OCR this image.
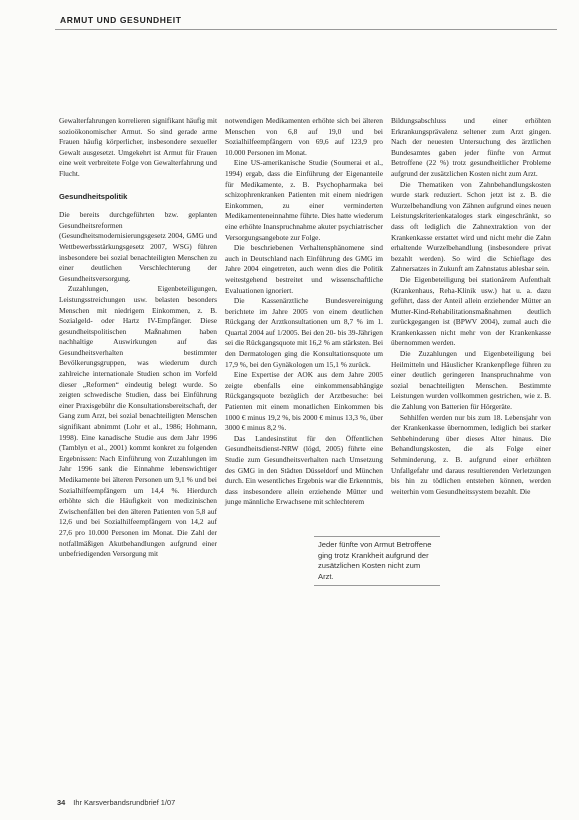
ARMUT UND GESUNDHEIT

Gewalterfahrungen korrelieren signifikant häufig mit sozioökonomischer Armut. So sind gerade arme Frauen häufig körperlicher, insbesondere sexueller Gewalt ausgesetzt. Umgekehrt ist Armut für Frauen eine weit verbreitete Folge von Gewalterfahrung und Flucht.

Gesundheitspolitik

Die bereits durchgeführten bzw. geplanten Gesundheitsreformen (Gesundheitsmodernisierungsgesetz 2004, GMG und Wettbewerbsstärkungsgesetz 2007, WSG) führen insbesondere bei sozial benachteiligten Menschen zu einer deutlichen Verschlechterung der Gesundheitsversorgung.

Zuzahlungen, Eigenbeteiligungen, Leistungsstreichungen usw. belasten besonders Menschen mit niedrigem Einkommen, z. B. Sozialgeld- oder Hartz IV-Empfänger. Diese gesundheitspolitischen Maßnahmen haben nachhaltige Auswirkungen auf das Gesundheitsverhalten bestimmter Bevölkerungsgruppen, was wiederum durch zahlreiche internationale Studien schon im Vorfeld dieser „Reformen“ eindeutig belegt wurde. So zeigten schwedische Studien, dass bei Einführung einer Praxisgebühr die Konsultationsbereitschaft, der Gang zum Arzt, bei sozial benachteiligten Menschen signifikant abnimmt (Lohr et al., 1986; Hohmann, 1998). Eine kanadische Studie aus dem Jahr 1996 (Tamblyn et al., 2001) kommt konkret zu folgenden Ergebnissen: Nach Einführung von Zuzahlungen im Jahr 1996 sank die Einnahme lebenswichtiger Medikamente bei älteren Personen um 9,1 % und bei Sozialhilfeempfängern um 14,4 %. Hierdurch erhöhte sich die Häufigkeit von medizinischen Zwischenfällen bei den älteren Patienten von 5,8 auf 12,6 und bei Sozialhilfeempfängern von 14,2 auf 27,6 pro 10.000 Personen im Monat. Die Zahl der notfallmäßigen Akutbehandlungen aufgrund einer unbefriedigenden Versorgung mit

notwendigen Medikamenten erhöhte sich bei älteren Menschen von 6,8 auf 19,0 und bei Sozialhilfeempfängern von 69,6 auf 123,9 pro 10.000 Personen im Monat.

Eine US-amerikanische Studie (Soumerai et al., 1994) ergab, dass die Einführung der Eigenanteile für Medikamente, z. B. Psychopharmaka bei schizophrenkranken Patienten mit einem niedrigen Einkommen, zu einer verminderten Medikamenteneinnahme führte. Dies hatte wiederum eine erhöhte Inanspruchnahme akuter psychiatrischer Versorgungsangebote zur Folge.

Die beschriebenen Verhaltensphänomene sind auch in Deutschland nach Einführung des GMG im Jahre 2004 eingetreten, auch wenn dies die Politik weitestgehend bestreitet und wissenschaftliche Evaluationen ignoriert.

Die Kassenärztliche Bundesvereinigung berichtete im Jahre 2005 von einem deutlichen Rückgang der Arztkonsultationen um 8,7 % im 1. Quartal 2004 auf 1/2005. Bei den 20- bis 39-Jährigen sei die Rückgangsquote mit 16,2 % am stärksten. Bei den Dermatologen ging die Konsultationsquote um 17,9 %, bei den Gynäkologen um 15,1 % zurück.

Eine Expertise der AOK aus dem Jahre 2005 zeigte ebenfalls eine einkommensabhängige Rückgangsquote bezüglich der Arztbesuche: bei Patienten mit einem monatlichen Einkommen bis 1000 € minus 19,2 %, bis 2000 € minus 13,3 %, über 3000 € minus 8,2 %.

Das Landesinstitut für den Öffentlichen Gesundheitsdienst-NRW (lögd, 2005) führte eine Studie zum Gesundheitsverhalten nach Umsetzung des GMG in den Städten Düsseldorf und München durch. Ein wesentliches Ergebnis war die Erkenntnis, dass insbesondere allein erziehende Mütter und junge männliche Erwachsene mit schlechterem

Bildungsabschluss und einer erhöhten Erkrankungsprävalenz seltener zum Arzt gingen. Nach der neuesten Untersuchung des ärztlichen Bundesamtes gaben jeder fünfte von Armut Betroffene (22 %) trotz gesundheitlicher Probleme aufgrund der zusätzlichen Kosten nicht zum Arzt.

Die Thematiken von Zahnbehandlungskosten wurde stark reduziert. Schon jetzt ist z. B. die Wurzelbehandlung von Zähnen aufgrund eines neuen Leistungskriterienkataloges stark eingeschränkt, so dass oft lediglich die Zahnextraktion von der Krankenkasse erstattet wird und nicht mehr die Zahn erhaltende Wurzelbehandlung (insbesondere privat bezahlt werden). So wird die Schieflage des Zahnersatzes in Zukunft am Zahnstatus ablesbar sein.

Die Eigenbeteiligung bei stationärem Aufenthalt (Krankenhaus, Reha-Klinik usw.) hat u. a. dazu geführt, dass der Anteil allein erziehender Mütter an Mutter-Kind-Rehabilitationsmaßnahmen deutlich zurückgegangen ist (BPWV 2004), zumal auch die Krankenkassen nicht mehr von der Krankenkasse übernommen werden.

Die Zuzahlungen und Eigenbeteiligung bei Heilmitteln und Häuslicher Krankenpflege führen zu einer deutlich geringeren Inanspruchnahme von sozial benachteiligten Menschen. Bestimmte Leistungen wurden vollkommen gestrichen, wie z. B. die Zahlung von Batterien für Hörgeräte.

Sehhilfen werden nur bis zum 18. Lebensjahr von der Krankenkasse übernommen, lediglich bei starker Sehbehinderung über dieses Alter hinaus. Die Behandlungskosten, die als Folge einer Sehminderung, z. B. aufgrund einer erhöhten Unfallgefahr und daraus resultierenden Verletzungen bis hin zu tödlichen entstehen können, werden weiterhin vom Gesundheitssystem bezahlt. Die

Jeder fünfte von Armut Betroffene ging trotz Krankheit aufgrund der zusätzlichen Kosten nicht zum Arzt.
34 Ihr Karsverbandsrundbrief 1/07
